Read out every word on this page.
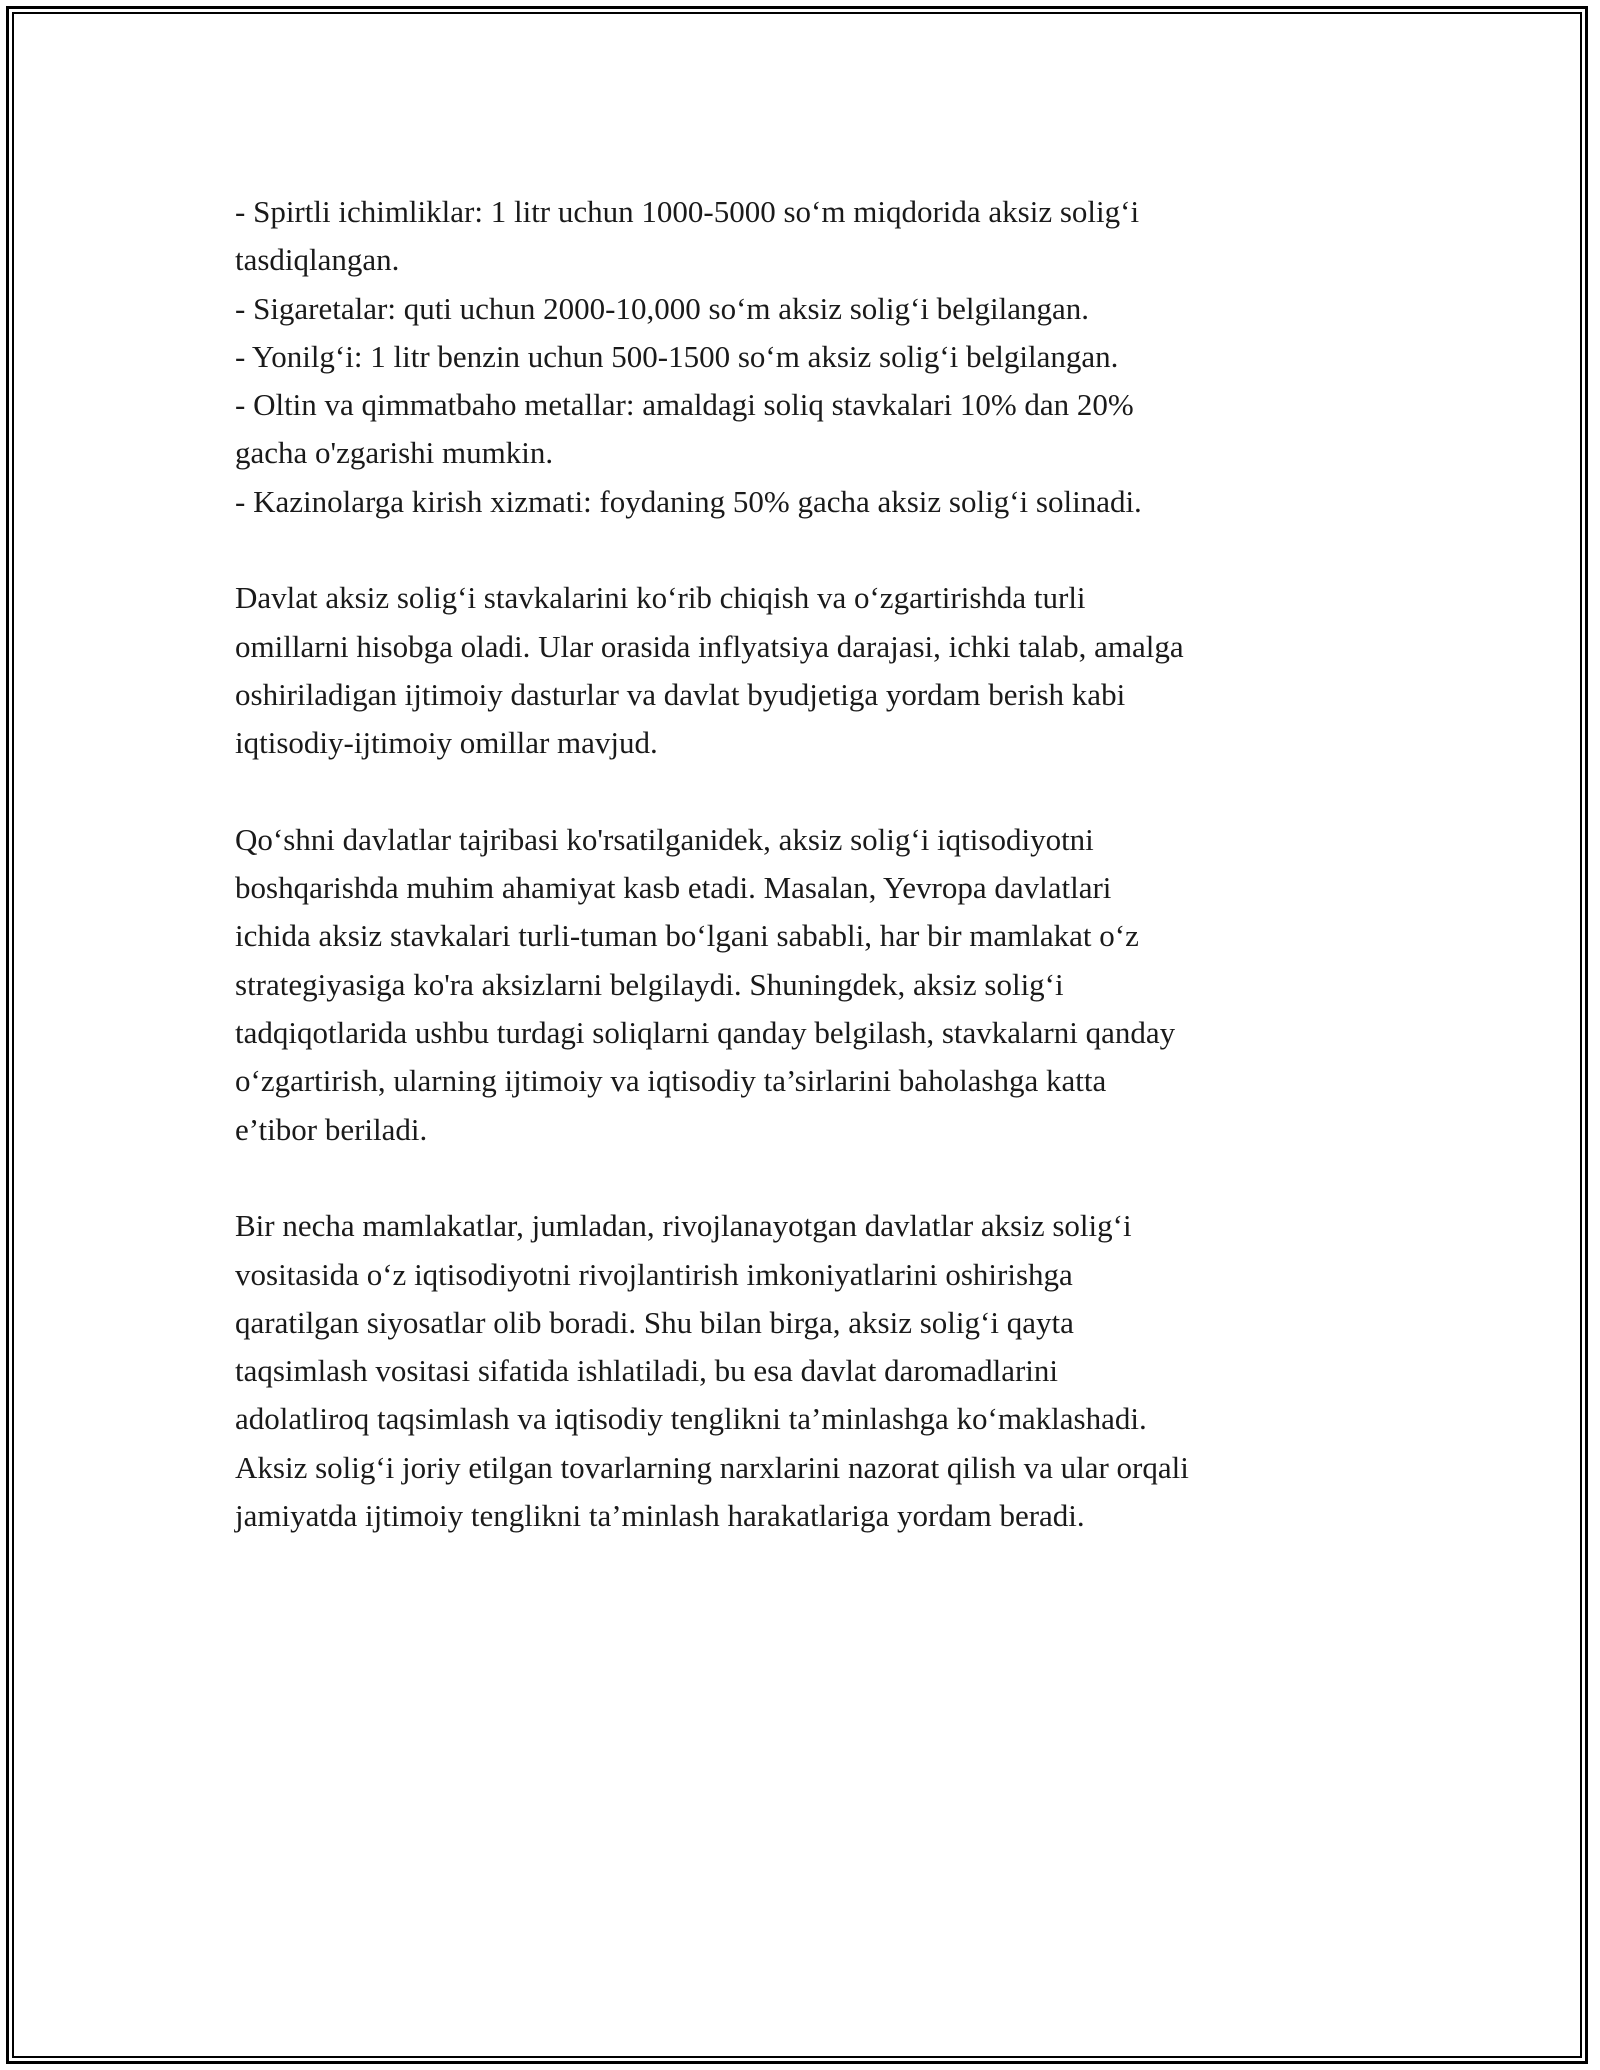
- Spirtli ichimliklar: 1 litr uchun 1000-5000 so‘m miqdorida aksiz solig‘i
tasdiqlangan.
- Sigaretalar: quti uchun 2000-10,000 so‘m aksiz solig‘i belgilangan.
- Yonilg‘i: 1 litr benzin uchun 500-1500 so‘m aksiz solig‘i belgilangan.
- Oltin va qimmatbaho metallar: amaldagi soliq stavkalari 10% dan 20%
gacha o'zgarishi mumkin.
- Kazinolarga kirish xizmati: foydaning 50% gacha aksiz solig‘i solinadi.

Davlat aksiz solig‘i stavkalarini ko‘rib chiqish va o‘zgartirishda turli
omillarni hisobga oladi. Ular orasida inflyatsiya darajasi, ichki talab, amalga
oshiriladigan ijtimoiy dasturlar va davlat byudjetiga yordam berish kabi
iqtisodiy-ijtimoiy omillar mavjud.

Qo‘shni davlatlar tajribasi ko'rsatilganidek, aksiz solig‘i iqtisodiyotni
boshqarishda muhim ahamiyat kasb etadi. Masalan, Yevropa davlatlari
ichida aksiz stavkalari turli-tuman bo‘lgani sababli, har bir mamlakat o‘z
strategiyasiga ko'ra aksizlarni belgilaydi. Shuningdek, aksiz solig‘i
tadqiqotlarida ushbu turdagi soliqlarni qanday belgilash, stavkalarni qanday
o‘zgartirish, ularning ijtimoiy va iqtisodiy ta’sirlarini baholashga katta
e’tibor beriladi.

Bir necha mamlakatlar, jumladan, rivojlanayotgan davlatlar aksiz solig‘i
vositasida o‘z iqtisodiyotni rivojlantirish imkoniyatlarini oshirishga
qaratilgan siyosatlar olib boradi. Shu bilan birga, aksiz solig‘i qayta
taqsimlash vositasi sifatida ishlatiladi, bu esa davlat daromadlarini
adolatliroq taqsimlash va iqtisodiy tenglikni ta’minlashga ko‘maklashadi.
Aksiz solig‘i joriy etilgan tovarlarning narxlarini nazorat qilish va ular orqali
jamiyatda ijtimoiy tenglikni ta’minlash harakatlariga yordam beradi.
